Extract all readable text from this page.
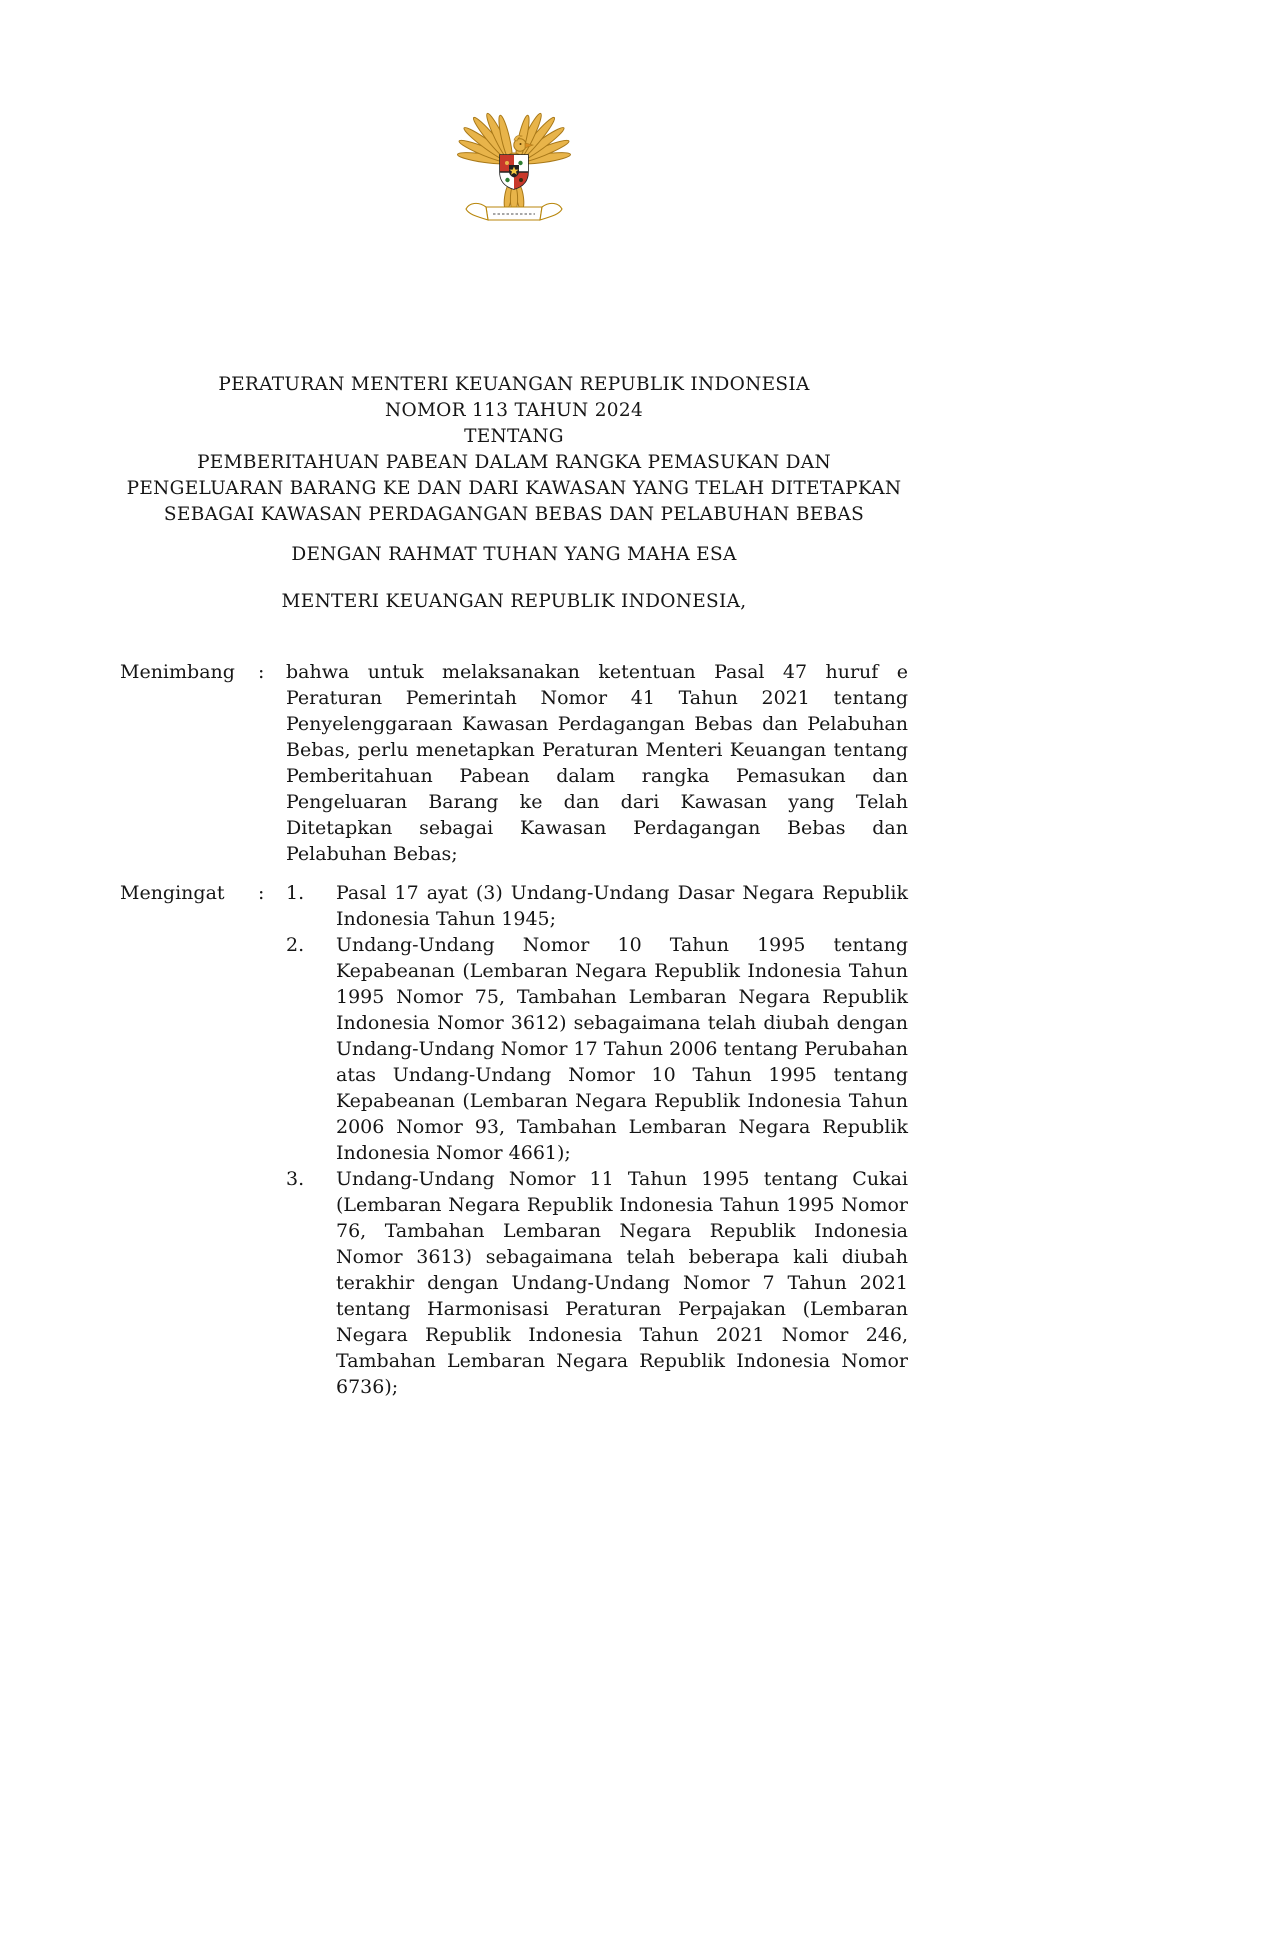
PERATURAN MENTERI KEUANGAN REPUBLIK INDONESIA
NOMOR 113 TAHUN 2024
TENTANG
PEMBERITAHUAN PABEAN DALAM RANGKA PEMASUKAN DAN
PENGELUARAN BARANG KE DAN DARI KAWASAN YANG TELAH DITETAPKAN
SEBAGAI KAWASAN PERDAGANGAN BEBAS DAN PELABUHAN BEBAS
DENGAN RAHMAT TUHAN YANG MAHA ESA
MENTERI KEUANGAN REPUBLIK INDONESIA,
Menimbang	:	bahwa untuk melaksanakan ketentuan Pasal 47 huruf e Peraturan Pemerintah Nomor 41 Tahun 2021 tentang Penyelenggaraan Kawasan Perdagangan Bebas dan Pelabuhan Bebas, perlu menetapkan Peraturan Menteri Keuangan tentang Pemberitahuan Pabean dalam rangka Pemasukan dan Pengeluaran Barang ke dan dari Kawasan yang Telah Ditetapkan sebagai Kawasan Perdagangan Bebas dan Pelabuhan Bebas;
Mengingat	:	1.	Pasal 17 ayat (3) Undang-Undang Dasar Negara Republik Indonesia Tahun 1945;
2.	Undang-Undang Nomor 10 Tahun 1995 tentang Kepabeanan (Lembaran Negara Republik Indonesia Tahun 1995 Nomor 75, Tambahan Lembaran Negara Republik Indonesia Nomor 3612) sebagaimana telah diubah dengan Undang-Undang Nomor 17 Tahun 2006 tentang Perubahan atas Undang-Undang Nomor 10 Tahun 1995 tentang Kepabeanan (Lembaran Negara Republik Indonesia Tahun 2006 Nomor 93, Tambahan Lembaran Negara Republik Indonesia Nomor 4661);
3.	Undang-Undang Nomor 11 Tahun 1995 tentang Cukai (Lembaran Negara Republik Indonesia Tahun 1995 Nomor 76, Tambahan Lembaran Negara Republik Indonesia Nomor 3613) sebagaimana telah beberapa kali diubah terakhir dengan Undang-Undang Nomor 7 Tahun 2021 tentang Harmonisasi Peraturan Perpajakan (Lembaran Negara Republik Indonesia Tahun 2021 Nomor 246, Tambahan Lembaran Negara Republik Indonesia Nomor 6736);
